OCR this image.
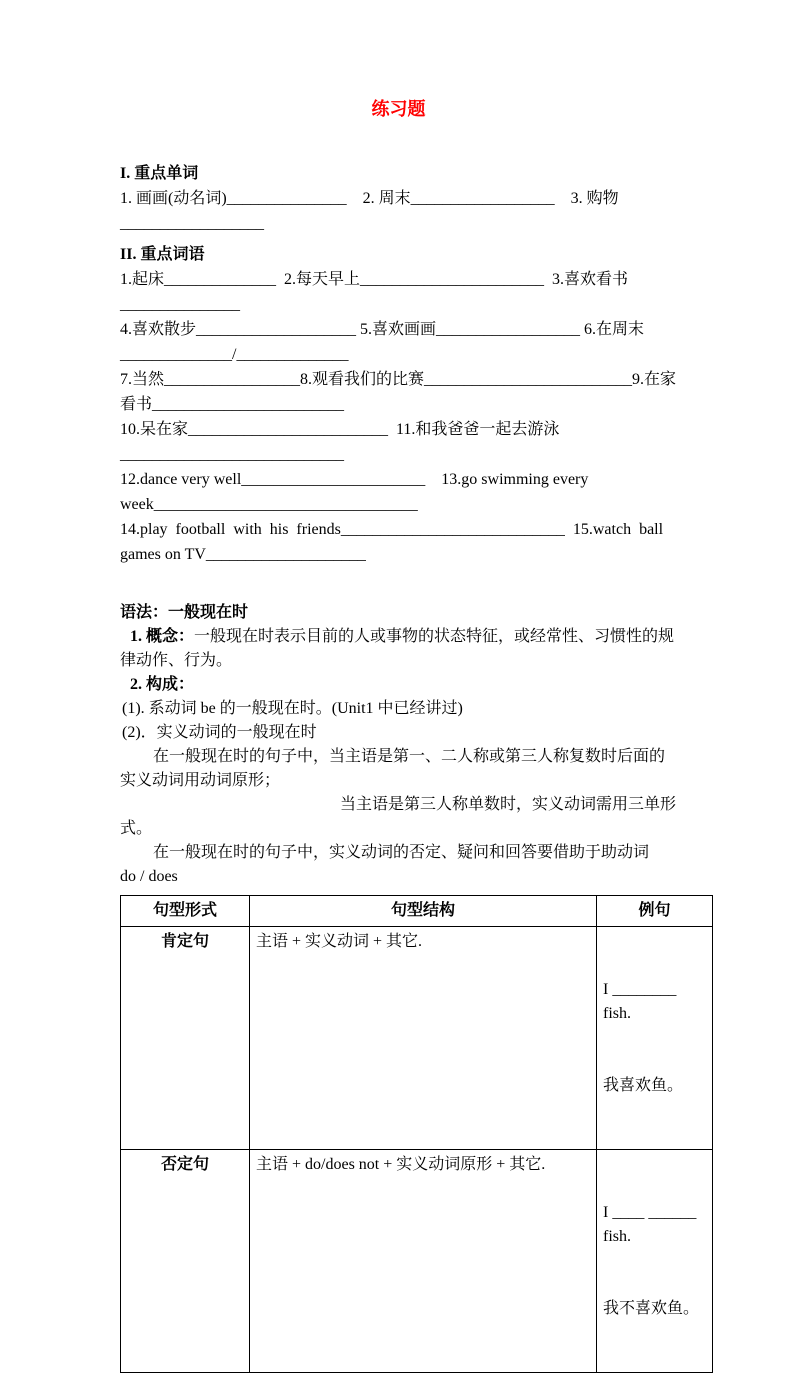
练习题
I. 重点单词
1. 画画(动名词)_______________    2. 周末__________________    3. 购物
__________________
II. 重点词语
1.起床______________  2.每天早上_______________________  3.喜欢看书
_______________
4.喜欢散步____________________ 5.喜欢画画__________________ 6.在周末
______________/______________
7.当然_________________8.观看我们的比赛__________________________9.在家
看书________________________
10.呆在家_________________________  11.和我爸爸一起去游泳
____________________________
12.dance very well_______________________    13.go swimming every
week_________________________________
14.play  football  with  his  friends____________________________  15.watch  ball
games on TV____________________
语法：一般现在时
1. 概念：一般现在时表示目前的人或事物的状态特征，或经常性、习惯性的规
律动作、行为。
2. 构成：
(1). 系动词 be 的一般现在时。(Unit1 中已经讲过)
(2)．实义动词的一般现在时
在一般现在时的句子中，当主语是第一、二人称或第三人称复数时后面的
实义动词用动词原形；
当主语是第三人称单数时，实义动词需用三单形
式。
在一般现在时的句子中，实义动词的否定、疑问和回答要借助于助动词
do / does
句型形式	句型结构	例句
肯定句	主语 + 实义动词 + 其它.	I ________ fish.

我喜欢鱼。

否定句	主语 + do/does not + 实义动词原形 + 其它.	I ____ ______ fish.

我不喜欢鱼。
